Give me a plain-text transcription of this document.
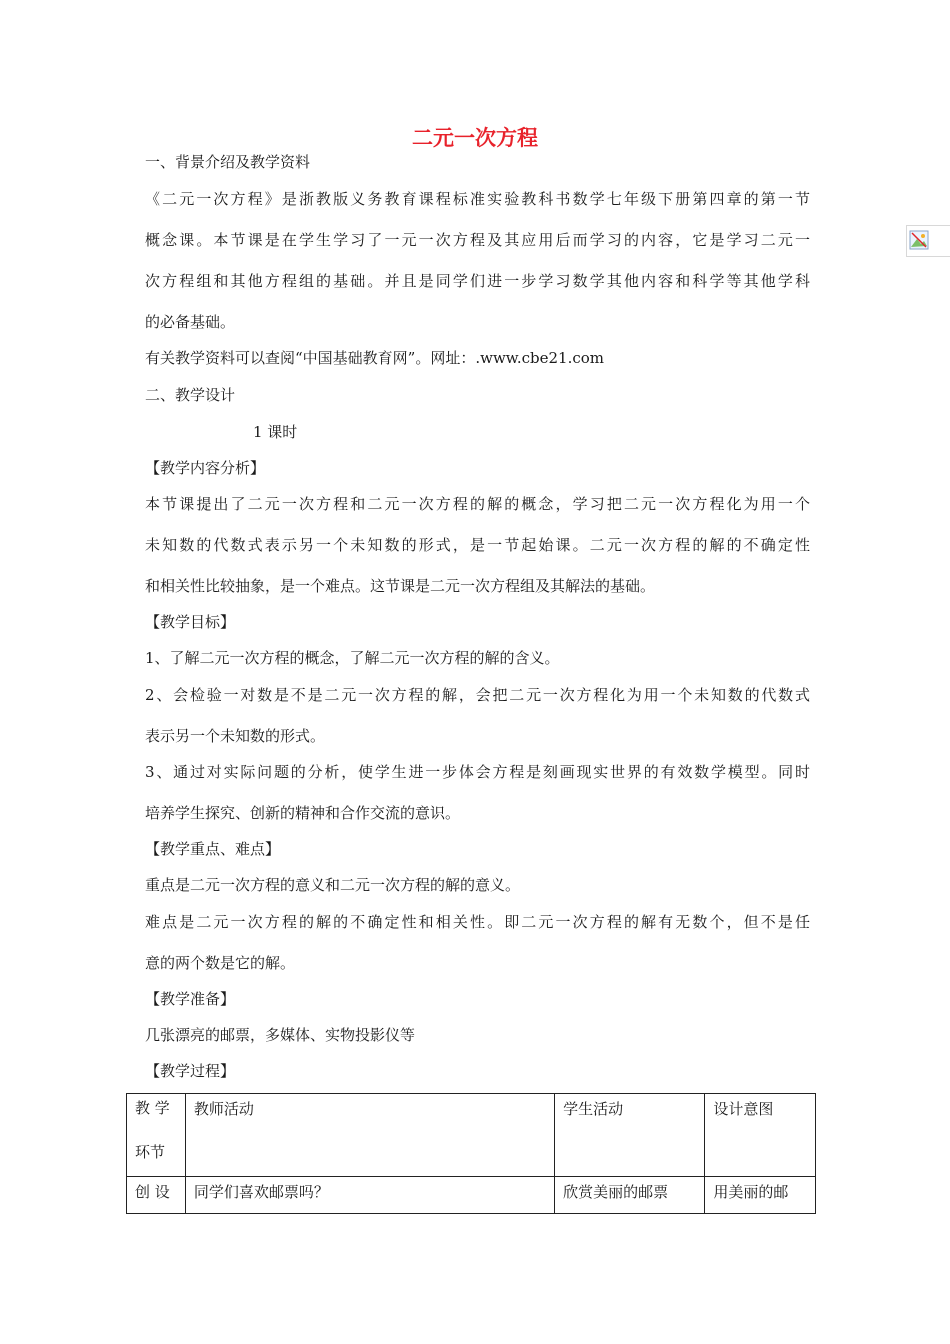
二元一次方程
一、背景介绍及教学资料
《二元一次方程》是浙教版义务教育课程标准实验教科书数学七年级下册第四章的第一节
概念课。本节课是在学生学习了一元一次方程及其应用后而学习的内容，它是学习二元一
次方程组和其他方程组的基础。并且是同学们进一步学习数学其他内容和科学等其他学科
的必备基础。
有关教学资料可以查阅“中国基础教育网”。网址：.www.cbe21.com
二、教学设计
1 课时
【教学内容分析】
本节课提出了二元一次方程和二元一次方程的解的概念，学习把二元一次方程化为用一个
未知数的代数式表示另一个未知数的形式，是一节起始课。二元一次方程的解的不确定性
和相关性比较抽象，是一个难点。这节课是二元一次方程组及其解法的基础。
【教学目标】
1、了解二元一次方程的概念，了解二元一次方程的解的含义。
2、会检验一对数是不是二元一次方程的解，会把二元一次方程化为用一个未知数的代数式
表示另一个未知数的形式。
3、通过对实际问题的分析，使学生进一步体会方程是刻画现实世界的有效数学模型。同时
培养学生探究、创新的精神和合作交流的意识。
【教学重点、难点】
重点是二元一次方程的意义和二元一次方程的解的意义。
难点是二元一次方程的解的不确定性和相关性。即二元一次方程的解有无数个，但不是任
意的两个数是它的解。
【教学准备】
几张漂亮的邮票，多媒体、实物投影仪等
【教学过程】
教 学
环节	教师活动	学生活动	设计意图
创 设	同学们喜欢邮票吗？	欣赏美丽的邮票	用美丽的邮
